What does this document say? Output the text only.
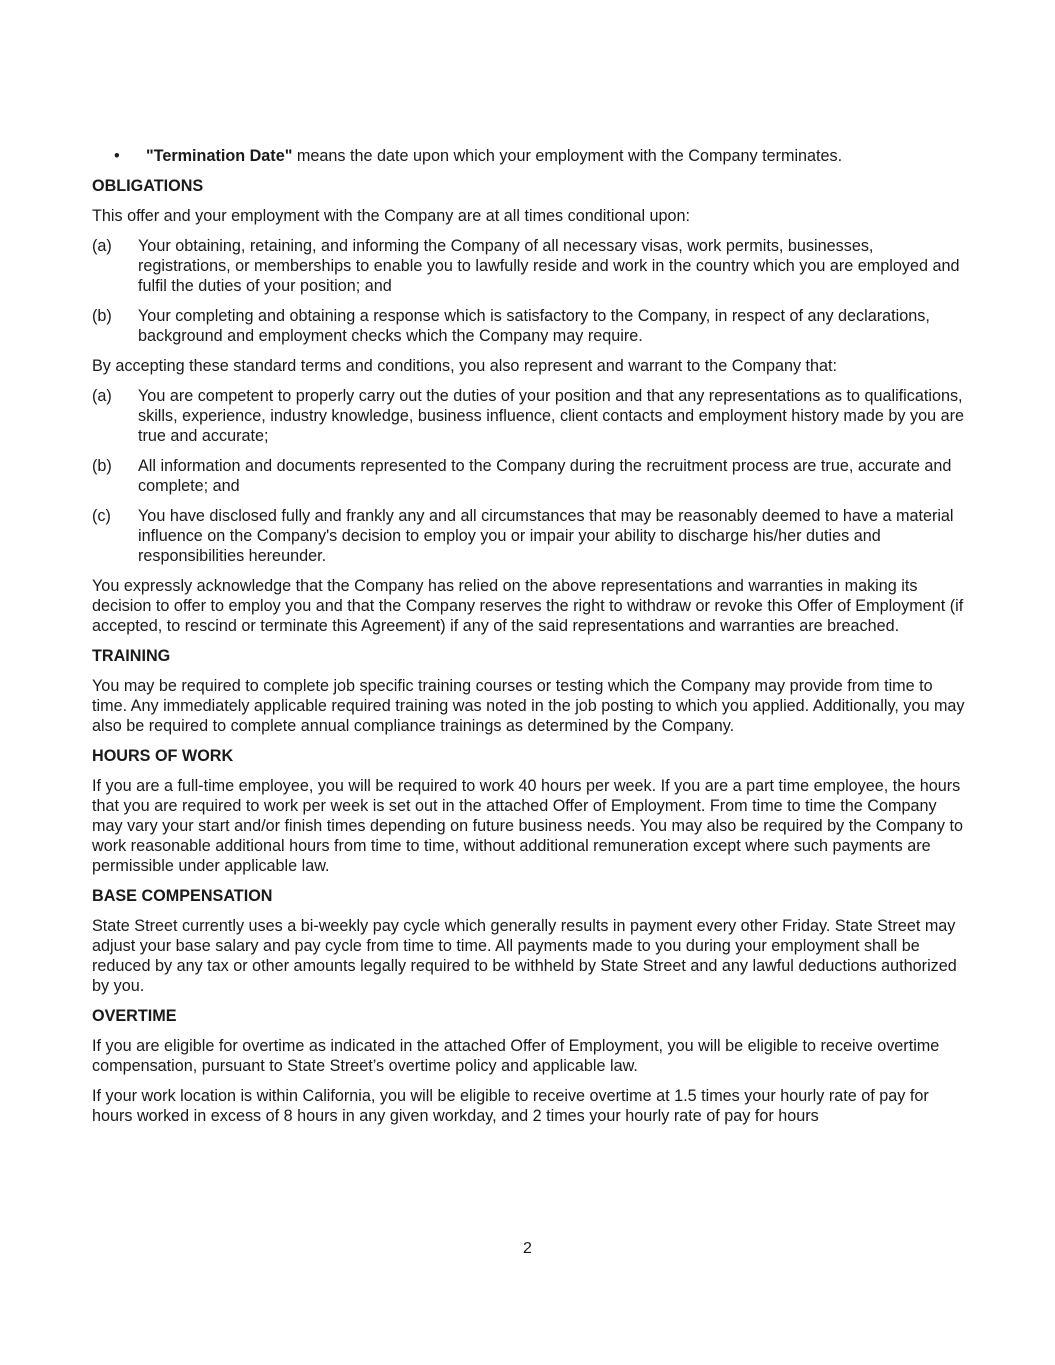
• "Termination Date" means the date upon which your employment with the Company terminates.
OBLIGATIONS
This offer and your employment with the Company are at all times conditional upon:
(a) Your obtaining, retaining, and informing the Company of all necessary visas, work permits, businesses, registrations, or memberships to enable you to lawfully reside and work in the country which you are employed and fulfil the duties of your position; and
(b) Your completing and obtaining a response which is satisfactory to the Company, in respect of any declarations, background and employment checks which the Company may require.
By accepting these standard terms and conditions, you also represent and warrant to the Company that:
(a) You are competent to properly carry out the duties of your position and that any representations as to qualifications, skills, experience, industry knowledge, business influence, client contacts and employment history made by you are true and accurate;
(b) All information and documents represented to the Company during the recruitment process are true, accurate and complete; and
(c) You have disclosed fully and frankly any and all circumstances that may be reasonably deemed to have a material influence on the Company's decision to employ you or impair your ability to discharge his/her duties and responsibilities hereunder.
You expressly acknowledge that the Company has relied on the above representations and warranties in making its decision to offer to employ you and that the Company reserves the right to withdraw or revoke this Offer of Employment (if accepted, to rescind or terminate this Agreement) if any of the said representations and warranties are breached.
TRAINING
You may be required to complete job specific training courses or testing which the Company may provide from time to time. Any immediately applicable required training was noted in the job posting to which you applied. Additionally, you may also be required to complete annual compliance trainings as determined by the Company.
HOURS OF WORK
If you are a full-time employee, you will be required to work 40 hours per week. If you are a part time employee, the hours that you are required to work per week is set out in the attached Offer of Employment. From time to time the Company may vary your start and/or finish times depending on future business needs. You may also be required by the Company to work reasonable additional hours from time to time, without additional remuneration except where such payments are permissible under applicable law.
BASE COMPENSATION
State Street currently uses a bi-weekly pay cycle which generally results in payment every other Friday. State Street may adjust your base salary and pay cycle from time to time. All payments made to you during your employment shall be reduced by any tax or other amounts legally required to be withheld by State Street and any lawful deductions authorized by you.
OVERTIME
If you are eligible for overtime as indicated in the attached Offer of Employment, you will be eligible to receive overtime compensation, pursuant to State Street’s overtime policy and applicable law.
If your work location is within California, you will be eligible to receive overtime at 1.5 times your hourly rate of pay for hours worked in excess of 8 hours in any given workday, and 2 times your hourly rate of pay for hours
2
